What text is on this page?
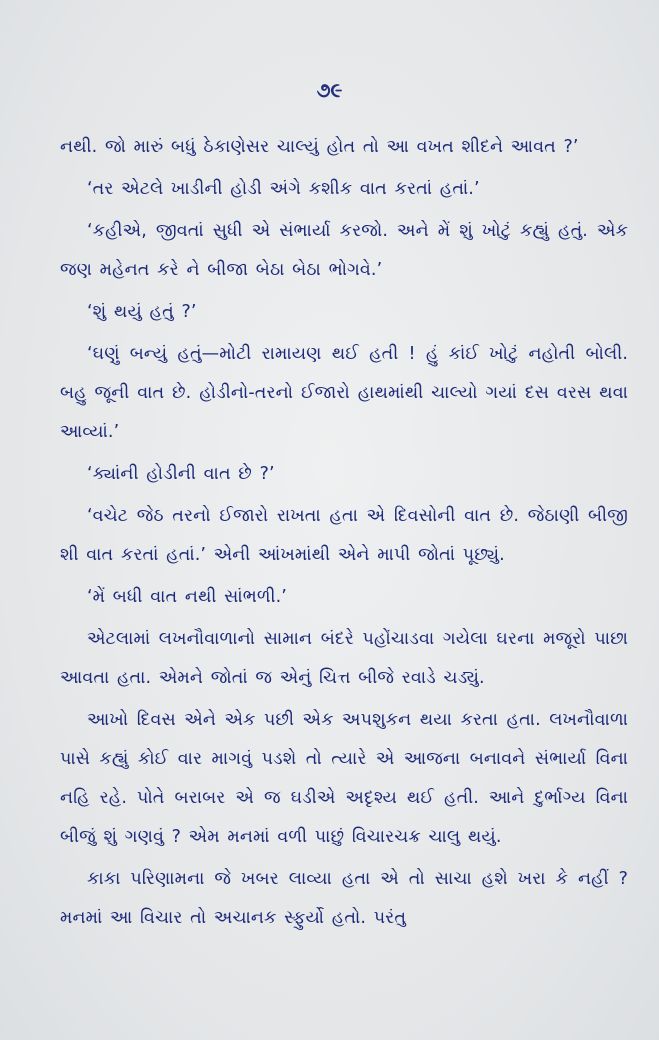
૭૯

નથી. જો મારું બધું ઠેકાણેસર ચાલ્યું હોત તો આ વખત શીદને આવત ?’

‘તર એટલે ખાડીની હોડી અંગે કશીક વાત કરતાં હતાં.’

‘કહીએ, જીવતાં સુધી એ સંભાર્યા કરજો. અને મેં શું ખોટું કહ્યું હતું. એક જણ મહેનત કરે ને બીજા બેઠા બેઠા ભોગવે.’

‘શું થયું હતું ?’

‘ઘણું બન્યું હતું—મોટી રામાયણ થઈ હતી ! હું કાંઈ ખોટું નહોતી બોલી. બહુ જૂની વાત છે. હોડીનો-તરનો ઈજારો હાથમાંથી ચાલ્યો ગયાં દસ વરસ થવા આવ્યાં.’

‘ક્યાંની હોડીની વાત છે ?’

‘વચેટ જેઠ તરનો ઈજારો રાખતા હતા એ દિવસોની વાત છે. જેઠાણી બીજી શી વાત કરતાં હતાં.’ એની આંખમાંથી એને માપી જોતાં પૂછ્યું.

‘મેં બધી વાત નથી સાંભળી.’

એટલામાં લખનૌવાળાનો સામાન બંદરે પહોંચાડવા ગયેલા ઘરના મજૂરો પાછા આવતા હતા. એમને જોતાં જ એનું ચિત્ત બીજે રવાડે ચડ્યું.

આખો દિવસ એને એક પછી એક અપશુકન થયા કરતા હતા. લખનૌવાળા પાસે કહ્યું કોઈ વાર માગવું પડશે તો ત્યારે એ આજના બનાવને સંભાર્યા વિના નહિ રહે. પોતે બરાબર એ જ ઘડીએ અદૃશ્ય થઈ હતી. આને દુર્ભાગ્ય વિના બીજું શું ગણવું ? એમ મનમાં વળી પાછું વિચારચક્ર ચાલુ થયું.

કાકા પરિણામના જે ખબર લાવ્યા હતા એ તો સાચા હશે ખરા કે નહીં ? મનમાં આ વિચાર તો અચાનક સ્ફુર્યો હતો. પરંતુ
